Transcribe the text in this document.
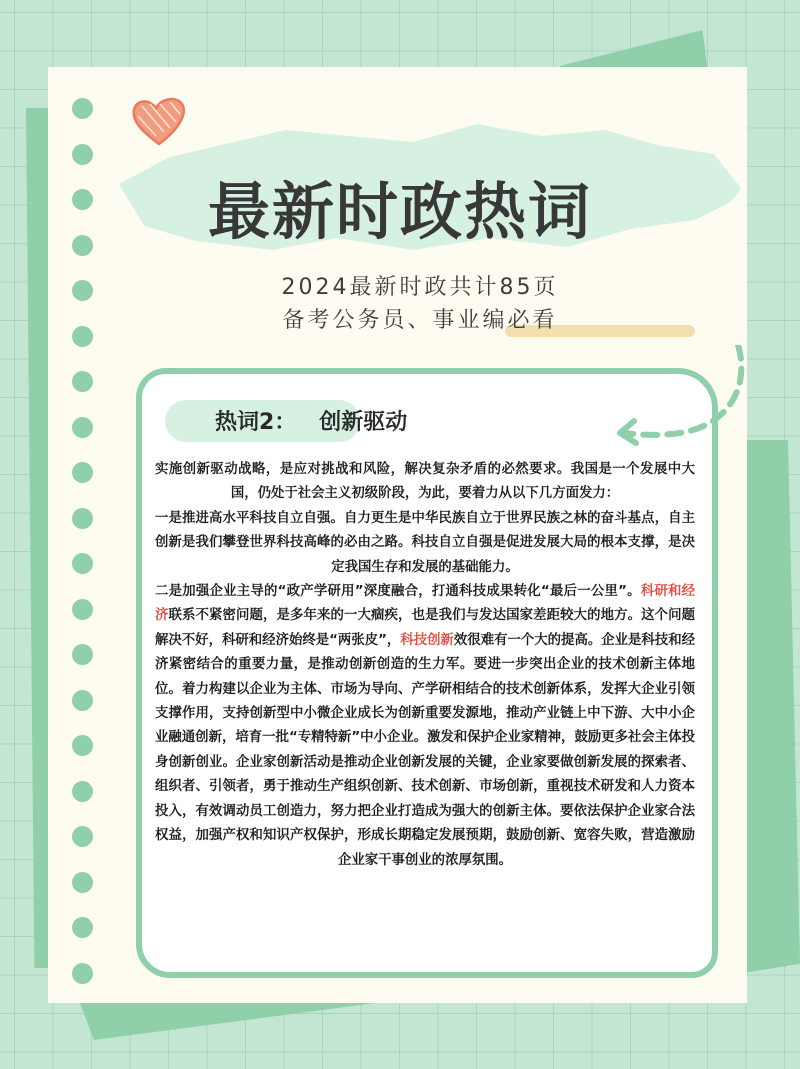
最新时政热词
2024最新时政共计85页
备考公务员、事业编必看
热词2： 创新驱动

实施创新驱动战略，是应对挑战和风险，解决复杂矛盾的必然要求。我国是一个发展中大国，仍处于社会主义初级阶段，为此，要着力从以下几方面发力：

一是推进高水平科技自立自强。自力更生是中华民族自立于世界民族之林的奋斗基点，自主创新是我们攀登世界科技高峰的必由之路。科技自立自强是促进发展大局的根本支撑，是决定我国生存和发展的基础能力。

二是加强企业主导的“政产学研用”深度融合，打通科技成果转化“最后一公里”。科研和经济联系不紧密问题，是多年来的一大痼疾，也是我们与发达国家差距较大的地方。这个问题解决不好，科研和经济始终是“两张皮”，科技创新效很难有一个大的提高。企业是科技和经济紧密结合的重要力量，是推动创新创造的生力军。要进一步突出企业的技术创新主体地位。着力构建以企业为主体、市场为导向、产学研相结合的技术创新体系，发挥大企业引领支撑作用，支持创新型中小微企业成长为创新重要发源地，推动产业链上中下游、大中小企业融通创新，培育一批“专精特新”中小企业。激发和保护企业家精神，鼓励更多社会主体投身创新创业。企业家创新活动是推动企业创新发展的关键，企业家要做创新发展的探索者、组织者、引领者，勇于推动生产组织创新、技术创新、市场创新，重视技术研发和人力资本投入，有效调动员工创造力，努力把企业打造成为强大的创新主体。要依法保护企业家合法权益，加强产权和知识产权保护，形成长期稳定发展预期，鼓励创新、宽容失败，营造激励企业家干事创业的浓厚氛围。
